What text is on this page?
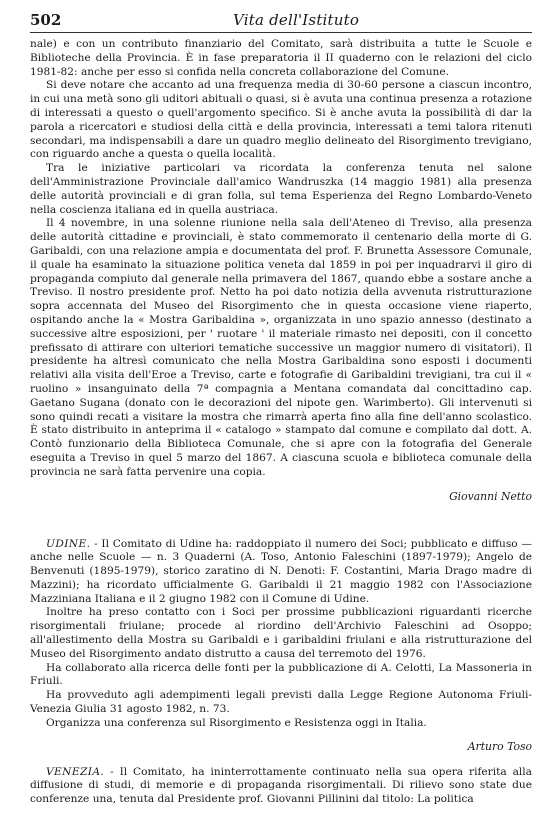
502	Vita dell'Istituto

nale) e con un contributo finanziario del Comitato, sarà distribuita a tutte le Scuole e Biblioteche della Provincia. È in fase preparatoria il II quaderno con le relazioni del ciclo 1981-82: anche per esso si confida nella concreta collaborazione del Comune.

Si deve notare che accanto ad una frequenza media di 30-60 persone a ciascun incontro, in cui una metà sono gli uditori abituali o quasi, si è avuta una continua presenza a rotazione di interessati a questo o quell'argomento specifico. Si è anche avuta la possibilità di dar la parola a ricercatori e studiosi della città e della provincia, interessati a temi talora ritenuti secondari, ma indispensabili a dare un quadro meglio delineato del Risorgimento trevigiano, con riguardo anche a questa o quella località.

Tra le iniziative particolari va ricordata la conferenza tenuta nel salone dell'Amministrazione Provinciale dall'amico Wandruszka (14 maggio 1981) alla presenza delle autorità provinciali e di gran folla, sul tema Esperienza del Regno Lombardo-Veneto nella coscienza italiana ed in quella austriaca.

Il 4 novembre, in una solenne riunione nella sala dell'Ateneo di Treviso, alla presenza delle autorità cittadine e provinciali, è stato commemorato il centenario della morte di G. Garibaldi, con una relazione ampia e documentata del prof. F. Brunetta Assessore Comunale, il quale ha esaminato la situazione politica veneta dal 1859 in poi per inquadrarvi il giro di propaganda compiuto dal generale nella primavera del 1867, quando ebbe a sostare anche a Treviso. Il nostro presidente prof. Netto ha poi dato notizia della avvenuta ristrutturazione sopra accennata del Museo del Risorgimento che in questa occasione viene riaperto, ospitando anche la « Mostra Garibaldina », organizzata in uno spazio annesso (destinato a successive altre esposizioni, per ' ruotare ' il materiale rimasto nei depositi, con il concetto prefissato di attirare con ulteriori tematiche successive un maggior numero di visitatori). Il presidente ha altresì comunicato che nella Mostra Garibaldina sono esposti i documenti relativi alla visita dell'Eroe a Treviso, carte e fotografie di Garibaldini trevigiani, tra cui il « ruolino » insanguinato della 7ª compagnia a Mentana comandata dal concittadino cap. Gaetano Sugana (donato con le decorazioni del nipote gen. Warimberto). Gli intervenuti si sono quindi recati a visitare la mostra che rimarrà aperta fino alla fine dell'anno scolastico. È stato distribuito in anteprima il « catalogo » stampato dal comune e compilato dal dott. A. Contò funzionario della Biblioteca Comunale, che si apre con la fotografia del Generale eseguita a Treviso in quel 5 marzo del 1867. A ciascuna scuola e biblioteca comunale della provincia ne sarà fatta pervenire una copia.

Giovanni Netto

UDINE. - Il Comitato di Udine ha: raddoppiato il numero dei Soci; pubblicato e diffuso — anche nelle Scuole — n. 3 Quaderni (A. Toso, Antonio Faleschini (1897-1979); Angelo de Benvenuti (1895-1979), storico zaratino di N. Denoti: F. Costantini, Maria Drago madre di Mazzini); ha ricordato ufficialmente G. Garibaldi il 21 maggio 1982 con l'Associazione Mazziniana Italiana e il 2 giugno 1982 con il Comune di Udine.

Inoltre ha preso contatto con i Soci per prossime pubblicazioni riguardanti ricerche risorgimentali friulane; procede al riordino dell'Archivio Faleschini ad Osoppo; all'allestimento della Mostra su Garibaldi e i garibaldini friulani e alla ristrutturazione del Museo del Risorgimento andato distrutto a causa del terremoto del 1976.

Ha collaborato alla ricerca delle fonti per la pubblicazione di A. Celotti, La Massoneria in Friuli.

Ha provveduto agli adempimenti legali previsti dalla Legge Regione Autonoma Friuli-Venezia Giulia 31 agosto 1982, n. 73.

Organizza una conferenza sul Risorgimento e Resistenza oggi in Italia.

Arturo Toso

VENEZIA. - Il Comitato, ha ininterrottamente continuato nella sua opera riferita alla diffusione di studi, di memorie e di propaganda risorgimentali. Di rilievo sono state due conferenze una, tenuta dal Presidente prof. Giovanni Pillinini dal titolo: La politica
